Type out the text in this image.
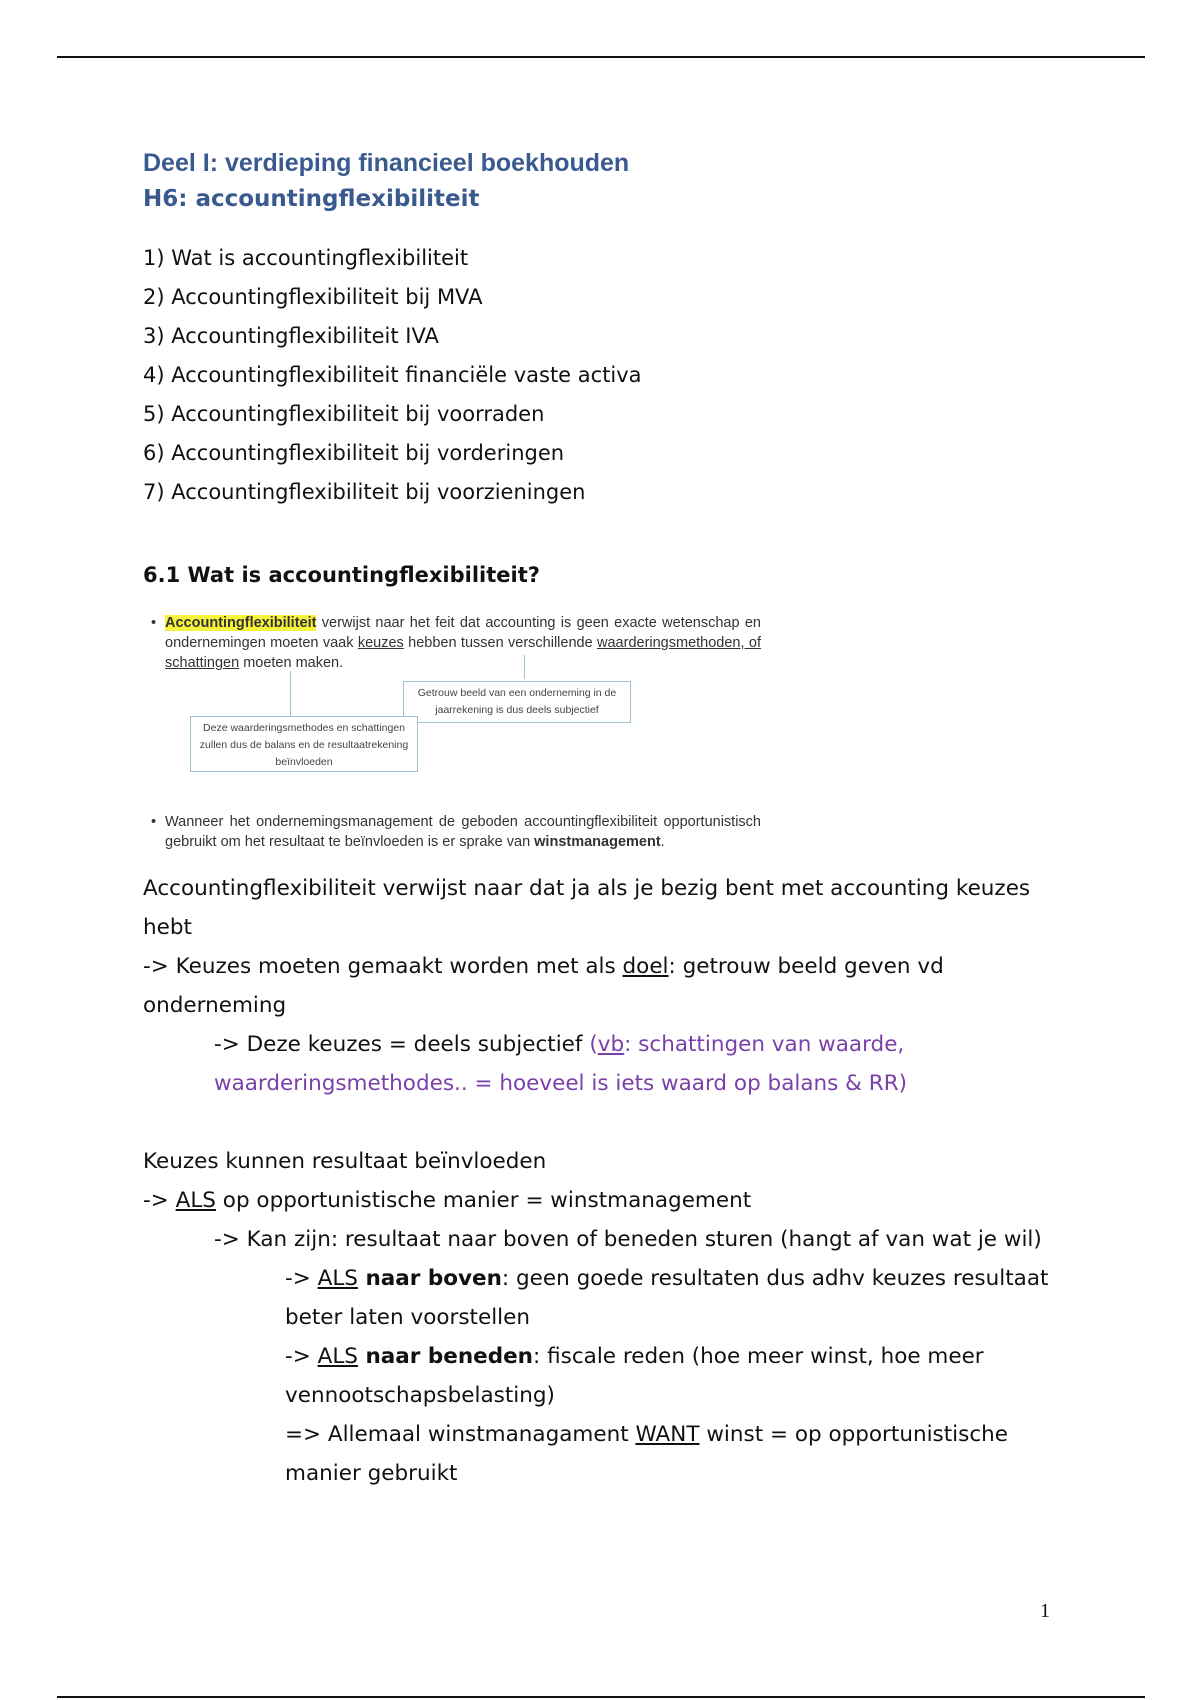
Deel I: verdieping financieel boekhouden
H6: accountingflexibiliteit
1) Wat is accountingflexibiliteit
2) Accountingflexibiliteit bij MVA
3) Accountingflexibiliteit IVA
4) Accountingflexibiliteit financiële vaste activa
5) Accountingflexibiliteit bij voorraden
6) Accountingflexibiliteit bij vorderingen
7) Accountingflexibiliteit bij voorzieningen
6.1 Wat is accountingflexibiliteit?
• Accountingflexibiliteit verwijst naar het feit dat accounting is geen exacte wetenschap en ondernemingen moeten vaak keuzes hebben tussen verschillende waarderingsmethoden, of schattingen moeten maken.
Getrouw beeld van een onderneming in de jaarrekening is dus deels subjectief
Deze waarderingsmethodes en schattingen zullen dus de balans en de resultaatrekening beïnvloeden
• Wanneer het ondernemingsmanagement de geboden accountingflexibiliteit opportunistisch gebruikt om het resultaat te beïnvloeden is er sprake van winstmanagement.

Accountingflexibiliteit verwijst naar dat ja als je bezig bent met accounting keuzes hebt

-> Keuzes moeten gemaakt worden met als doel: getrouw beeld geven vd onderneming

-> Deze keuzes = deels subjectief (vb: schattingen van waarde, waarderingsmethodes.. = hoeveel is iets waard op balans & RR)

Keuzes kunnen resultaat beïnvloeden

-> ALS op opportunistische manier = winstmanagement

-> Kan zijn: resultaat naar boven of beneden sturen (hangt af van wat je wil)

-> ALS naar boven: geen goede resultaten dus adhv keuzes resultaat beter laten voorstellen

-> ALS naar beneden: fiscale reden (hoe meer winst, hoe meer vennootschapsbelasting)

=> Allemaal winstmanagament WANT winst = op opportunistische manier gebruikt

1
